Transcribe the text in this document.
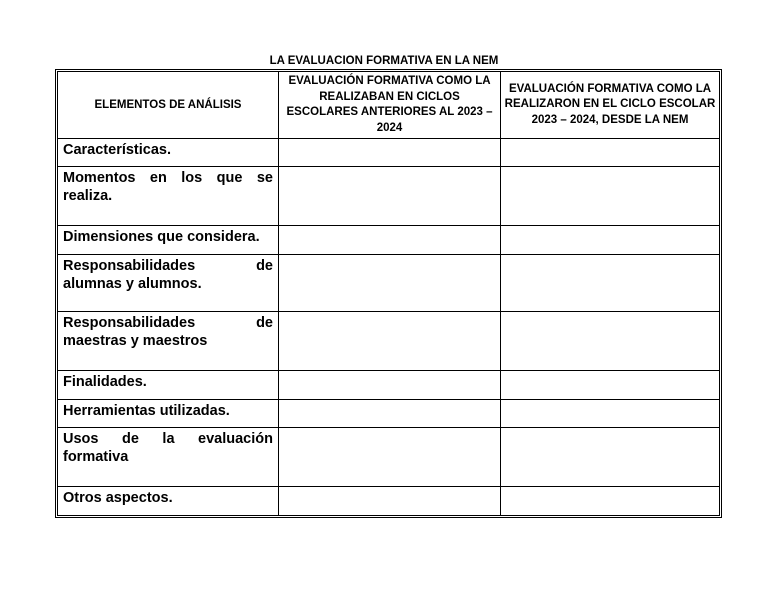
LA EVALUACION FORMATIVA EN LA NEM
ELEMENTOS DE ANÁLISIS	EVALUACIÓN FORMATIVA COMO LA REALIZABAN EN CICLOS ESCOLARES ANTERIORES AL 2023 – 2024	EVALUACIÓN FORMATIVA COMO LA REALIZARON EN EL CICLO ESCOLAR 2023 – 2024, DESDE LA NEM
Características.		
Momentos en los que se realiza.		
Dimensiones que considera.		
Responsabilidades de alumnas y alumnos.		
Responsabilidades de maestras y maestros		
Finalidades.		
Herramientas utilizadas.		
Usos de la evaluación formativa		
Otros aspectos.		
